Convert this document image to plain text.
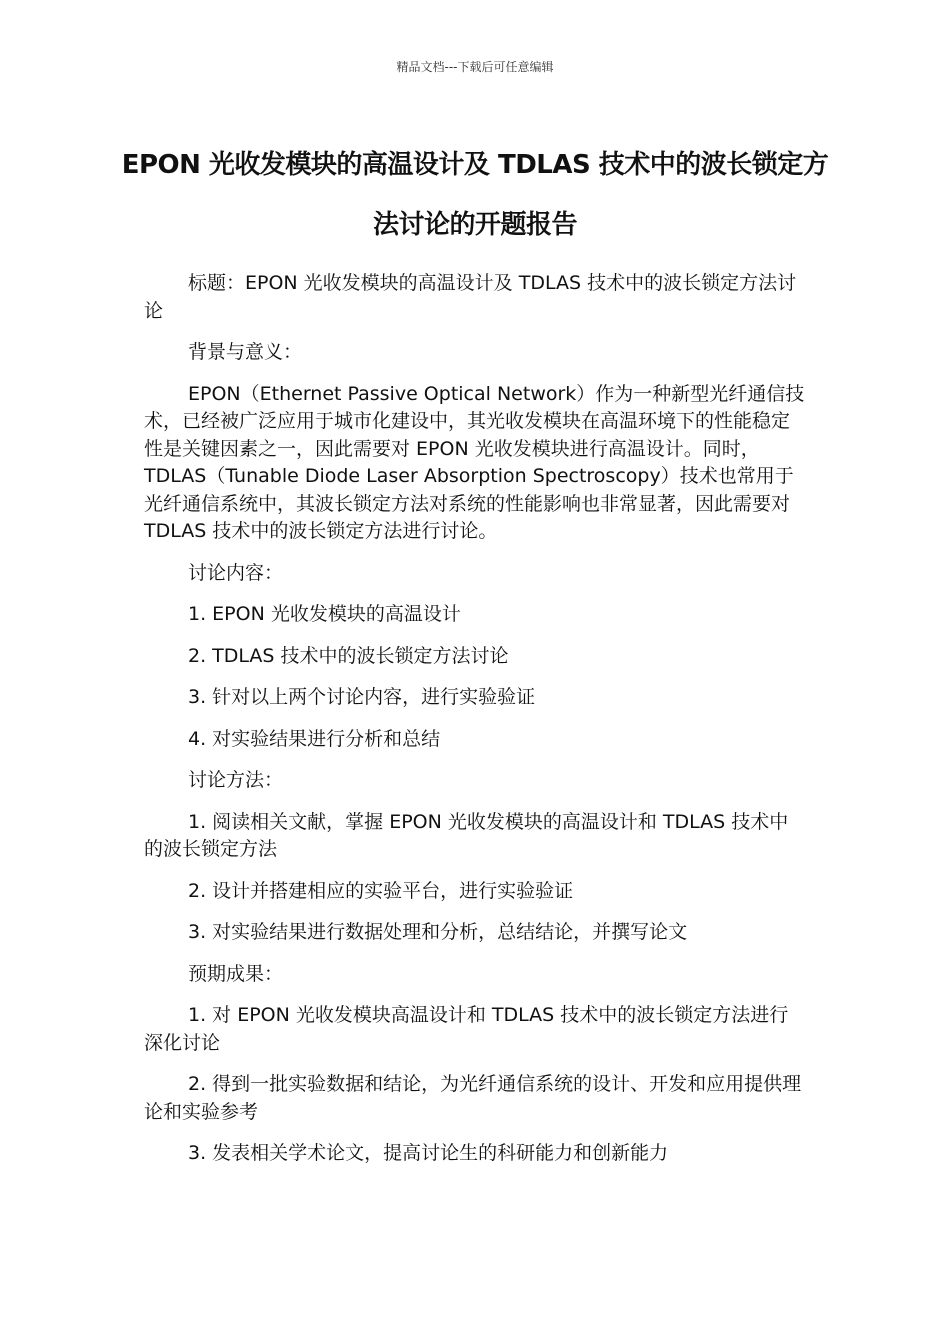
精品文档---下载后可任意编辑
EPON 光收发模块的高温设计及 TDLAS 技术中的波长锁定方法讨论的开题报告

标题：EPON 光收发模块的高温设计及 TDLAS 技术中的波长锁定方法讨论

背景与意义：

EPON（Ethernet Passive Optical Network）作为一种新型光纤通信技术，已经被广泛应用于城市化建设中，其光收发模块在高温环境下的性能稳定性是关键因素之一，因此需要对 EPON 光收发模块进行高温设计。同时，TDLAS（Tunable Diode Laser Absorption Spectroscopy）技术也常用于光纤通信系统中，其波长锁定方法对系统的性能影响也非常显著，因此需要对 TDLAS 技术中的波长锁定方法进行讨论。

讨论内容：

1. EPON 光收发模块的高温设计

2. TDLAS 技术中的波长锁定方法讨论

3. 针对以上两个讨论内容，进行实验验证

4. 对实验结果进行分析和总结

讨论方法：

1. 阅读相关文献，掌握 EPON 光收发模块的高温设计和 TDLAS 技术中的波长锁定方法

2. 设计并搭建相应的实验平台，进行实验验证

3. 对实验结果进行数据处理和分析，总结结论，并撰写论文

预期成果：

1. 对 EPON 光收发模块高温设计和 TDLAS 技术中的波长锁定方法进行深化讨论

2. 得到一批实验数据和结论，为光纤通信系统的设计、开发和应用提供理论和实验参考

3. 发表相关学术论文，提高讨论生的科研能力和创新能力
